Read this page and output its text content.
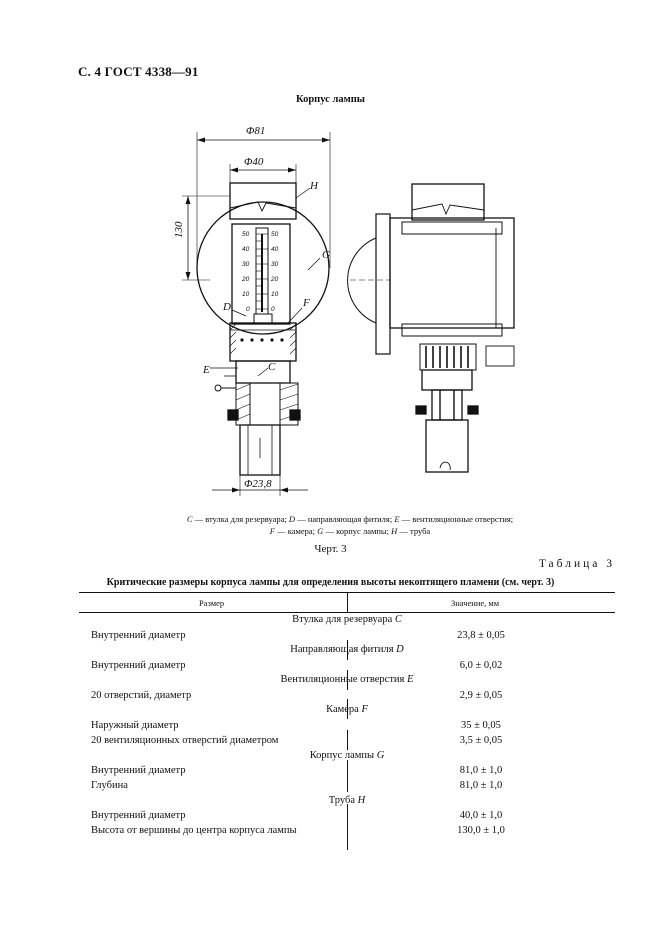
С. 4 ГОСТ 4338—91
Корпус лампы
Φ81
Φ40
H
130
G
F
D
C
E
Φ23,8
50
40
30
20
10
0
50
40
30
20
10
0
C — втулка для резервуара; D — направляющая фитиля; E — вентиляционные отверстия;
F — камера; G — корпус лампы; H — труба
Черт. 3
Таблица 3
Критические размеры корпуса лампы для определения высоты некоптящего пламени (см. черт. 3)
Размер	Значение, мм
Втулка для резервуара C
Внутренний диаметр	23,8 ± 0,05
Направляющая фитиля D
Внутренний диаметр	6,0 ± 0,02
Вентиляционные отверстия E
20 отверстий, диаметр	2,9 ± 0,05
Камера F
Наружный диаметр	35 ± 0,05
20 вентиляционных отверстий диаметром	3,5 ± 0,05
Корпус лампы G
Внутренний диаметр	81,0 ± 1,0
Глубина	81,0 ± 1,0
Труба H
Внутренний диаметр	40,0 ± 1,0
Высота от вершины до центра корпуса лампы	130,0 ± 1,0
